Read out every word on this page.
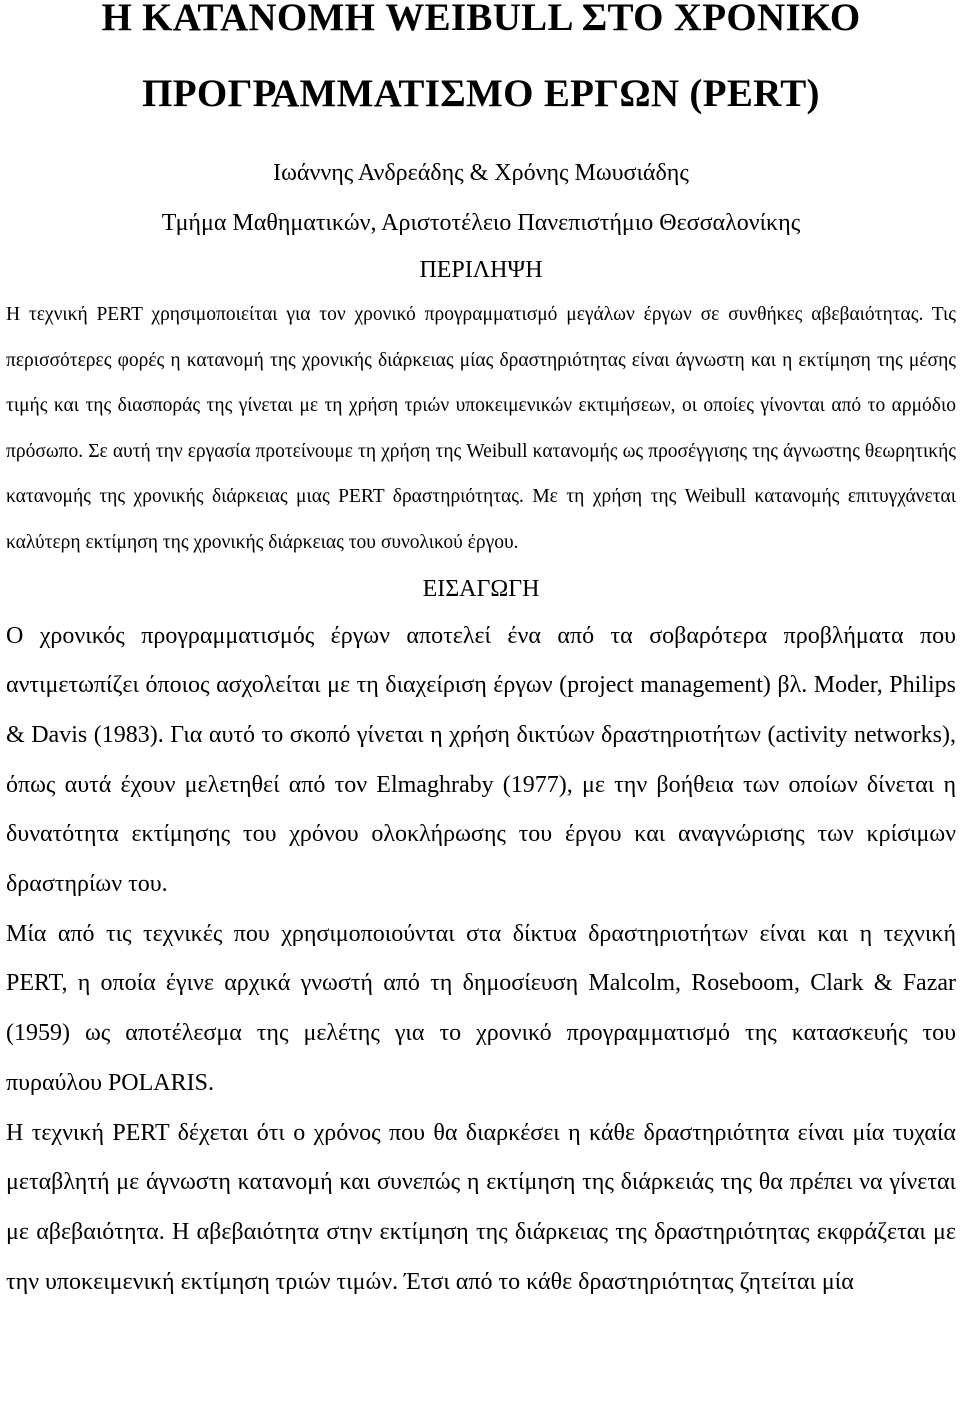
Η ΚΑΤΑΝΟΜΗ WEIBULL ΣΤΟ ΧΡΟΝΙΚΟ ΠΡΟΓΡΑΜΜΑΤΙΣΜΟ ΕΡΓΩΝ (PERT)

Ιωάννης Ανδρεάδης & Χρόνης Μωυσιάδης

Τμήμα Μαθηματικών, Αριστοτέλειο Πανεπιστήμιο Θεσσαλονίκης

ΠΕΡΙΛΗΨΗ

Η τεχνική PERT χρησιμοποιείται για τον χρονικό προγραμματισμό μεγάλων έργων σε συνθήκες αβεβαιότητας. Τις περισσότερες φορές η κατανομή της χρονικής διάρκειας μίας δραστηριότητας είναι άγνωστη και η εκτίμηση της μέσης τιμής και της διασποράς της γίνεται με τη χρήση τριών υποκειμενικών εκτιμήσεων, οι οποίες γίνονται από το αρμόδιο πρόσωπο. Σε αυτή την εργασία προτείνουμε τη χρήση της Weibull κατανομής ως προσέγγισης της άγνωστης θεωρητικής κατανομής της χρονικής διάρκειας μιας PERT δραστηριότητας. Με τη χρήση της Weibull κατανομής επιτυγχάνεται καλύτερη εκτίμηση της χρονικής διάρκειας του συνολικού έργου.

ΕΙΣΑΓΩΓΗ

Ο χρονικός προγραμματισμός έργων αποτελεί ένα από τα σοβαρότερα προβλήματα που αντιμετωπίζει όποιος ασχολείται με τη διαχείριση έργων (project management) βλ. Moder, Philips & Davis (1983). Για αυτό το σκοπό γίνεται η χρήση δικτύων δραστηριοτήτων (activity networks), όπως αυτά έχουν μελετηθεί από τον Elmaghraby (1977), με την βοήθεια των οποίων δίνεται η δυνατότητα εκτίμησης του χρόνου ολοκλήρωσης του έργου και αναγνώρισης των κρίσιμων δραστηρίων του.

Μία από τις τεχνικές που χρησιμοποιούνται στα δίκτυα δραστηριοτήτων είναι και η τεχνική PERT, η οποία έγινε αρχικά γνωστή από τη δημοσίευση Malcolm, Roseboom, Clark & Fazar (1959) ως αποτέλεσμα της μελέτης για το χρονικό προγραμματισμό της κατασκευής του πυραύλου POLARIS.

Η τεχνική PERT δέχεται ότι ο χρόνος που θα διαρκέσει η κάθε δραστηριότητα είναι μία τυχαία μεταβλητή με άγνωστη κατανομή και συνεπώς η εκτίμηση της διάρκειάς της θα πρέπει να γίνεται με αβεβαιότητα. Η αβεβαιότητα στην εκτίμηση της διάρκειας της δραστηριότητας εκφράζεται με την υποκειμενική εκτίμηση τριών τιμών. Έτσι από το κάθε δραστηριότητας ζητείται μία
